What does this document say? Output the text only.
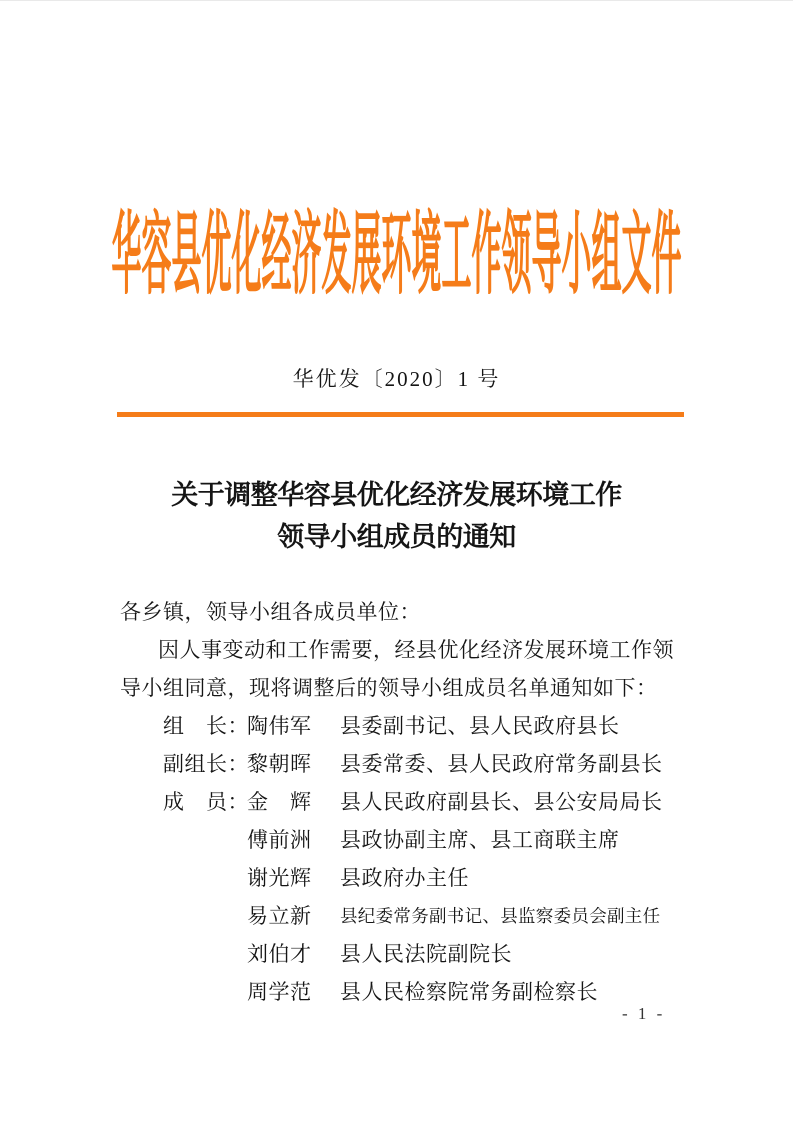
华容县优化经济发展环境工作领导小组文件
华优发〔2020〕1 号
关于调整华容县优化经济发展环境工作
领导小组成员的通知
各乡镇，领导小组各成员单位：
因人事变动和工作需要，经县优化经济发展环境工作领
导小组同意，现将调整后的领导小组成员名单通知如下：
组　长：
陶伟军	县委副书记、县人民政府县长
副组长：
黎朝晖	县委常委、县人民政府常务副县长
成　员：
金　辉	县人民政府副县长、县公安局局长
傅前洲	县政协副主席、县工商联主席
谢光辉	县政府办主任
易立新	县纪委常务副书记、县监察委员会副主任
刘伯才	县人民法院副院长
周学范	县人民检察院常务副检察长
- 1 -
